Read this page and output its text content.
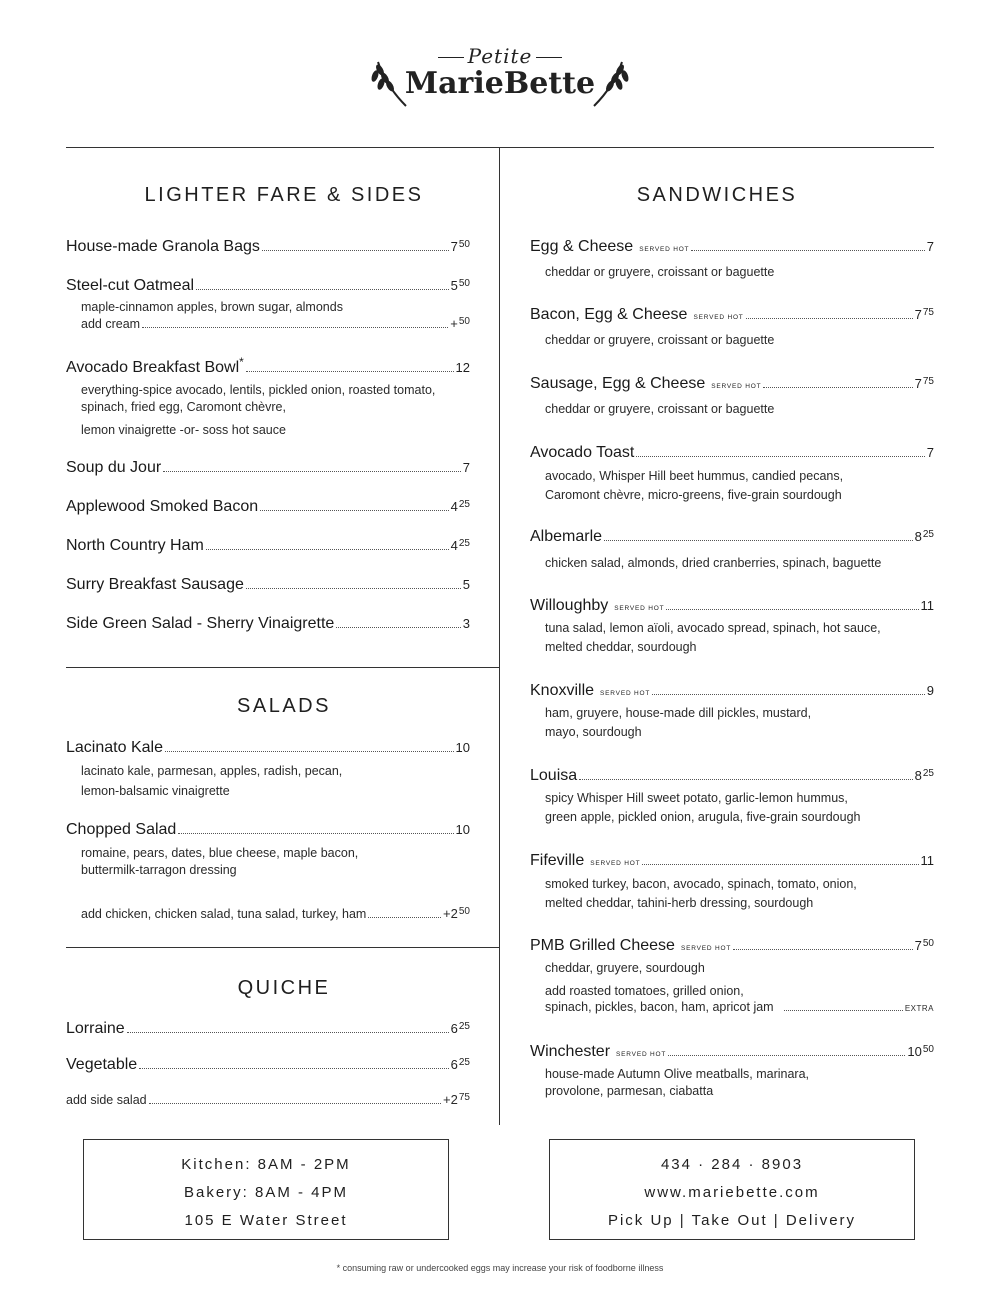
Petite
MarieBette
LIGHTER FARE & SIDES
House-made Granola Bags	$7^{50}$
Steel-cut Oatmeal	$5^{50}$
maple-cinnamon apples, brown sugar, almonds
add cream	+$^{50}$
Avocado Breakfast Bowl*	12
everything-spice avocado, lentils, pickled onion, roasted tomato,
spinach, fried egg, Caromont chèvre,
lemon vinaigrette -or- soss hot sauce
Soup du Jour	7
Applewood Smoked Bacon	$4^{25}$
North Country Ham	$4^{25}$
Surry Breakfast Sausage	5
Side Green Salad - Sherry Vinaigrette	3
SALADS
Lacinato Kale	10
lacinato kale, parmesan, apples, radish, pecan,
lemon-balsamic vinaigrette
Chopped Salad	10
romaine, pears, dates, blue cheese, maple bacon,
buttermilk-tarragon dressing
add chicken, chicken salad, tuna salad, turkey, ham	$+2^{50}$
QUICHE
Lorraine	$6^{25}$
Vegetable	$6^{25}$
add side salad	$+2^{75}$
SANDWICHES
Egg & Cheese SERVED HOT	7
cheddar or gruyere, croissant or baguette
Bacon, Egg & Cheese SERVED HOT	$7^{75}$
cheddar or gruyere, croissant or baguette
Sausage, Egg & Cheese SERVED HOT	$7^{75}$
cheddar or gruyere, croissant or baguette
Avocado Toast	7
avocado, Whisper Hill beet hummus, candied pecans,
Caromont chèvre, micro-greens, five-grain sourdough
Albemarle	$8^{25}$
chicken salad, almonds, dried cranberries, spinach, baguette
Willoughby SERVED HOT	11
tuna salad, lemon aïoli, avocado spread, spinach, hot sauce,
melted cheddar, sourdough
Knoxville SERVED HOT	9
ham, gruyere, house-made dill pickles, mustard,
mayo, sourdough
Louisa	$8^{25}$
spicy Whisper Hill sweet potato, garlic-lemon hummus,
green apple, pickled onion, arugula, five-grain sourdough
Fifeville SERVED HOT	11
smoked turkey, bacon, avocado, spinach, tomato, onion,
melted cheddar, tahini-herb dressing, sourdough
PMB Grilled Cheese SERVED HOT	$7^{50}$
cheddar, gruyere, sourdough
add roasted tomatoes, grilled onion,
spinach, pickles, bacon, ham, apricot jam	EXTRA
Winchester SERVED HOT	$10^{50}$
house-made Autumn Olive meatballs, marinara,
provolone, parmesan, ciabatta
Kitchen: 8AM - 2PM
Bakery: 8AM - 4PM
105 E Water Street
434 · 284 · 8903
www.mariebette.com
Pick Up | Take Out | Delivery
* consuming raw or undercooked eggs may increase your risk of foodborne illness
